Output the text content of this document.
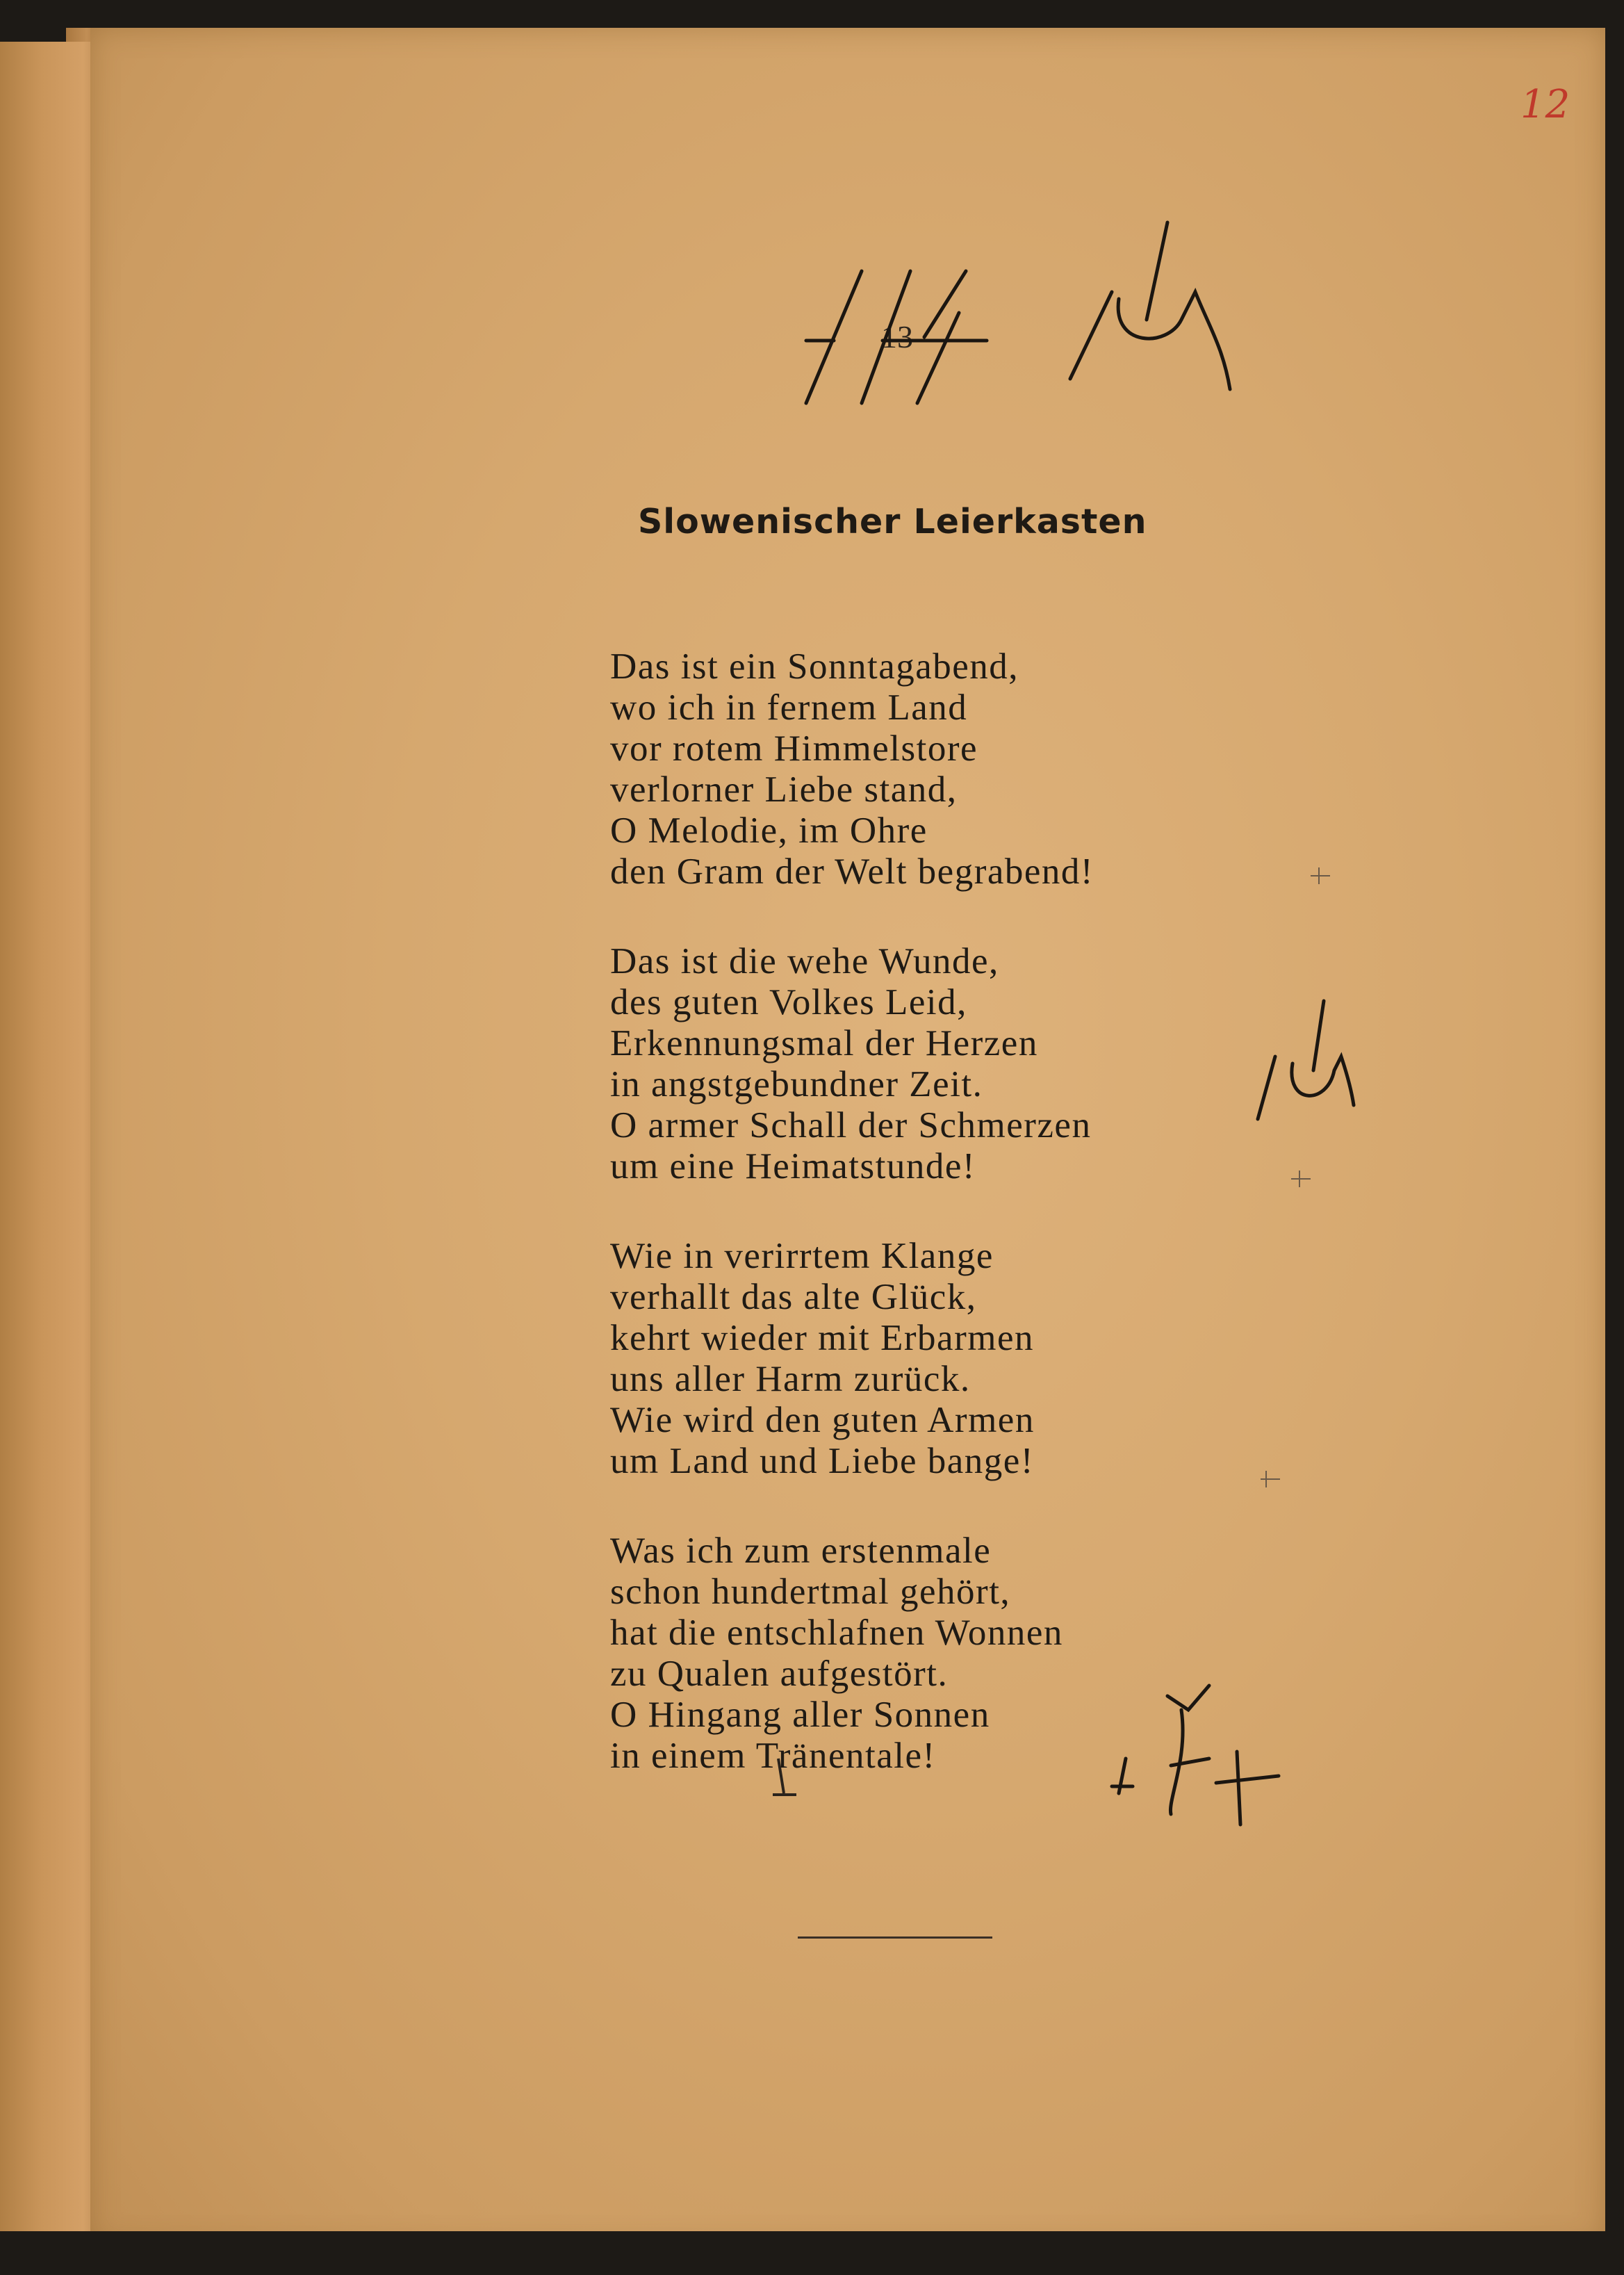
12
13
Slowenischer Leierkasten
Das ist ein Sonntagabend,
wo ich in fernem Land
vor rotem Himmelstore
verlorner Liebe stand,
O Melodie, im Ohre
den Gram der Welt begrabend!
Das ist die wehe Wunde,
des guten Volkes Leid,
Erkennungsmal der Herzen
in angstgebundner Zeit.
O armer Schall der Schmerzen
um eine Heimatstunde!
Wie in verirrtem Klange
verhallt das alte Glück,
kehrt wieder mit Erbarmen
uns aller Harm zurück.
Wie wird den guten Armen
um Land und Liebe bange!
Was ich zum erstenmale
schon hundertmal gehört,
hat die entschlafnen Wonnen
zu Qualen aufgestört.
O Hingang aller Sonnen
in einem Tränentale!
